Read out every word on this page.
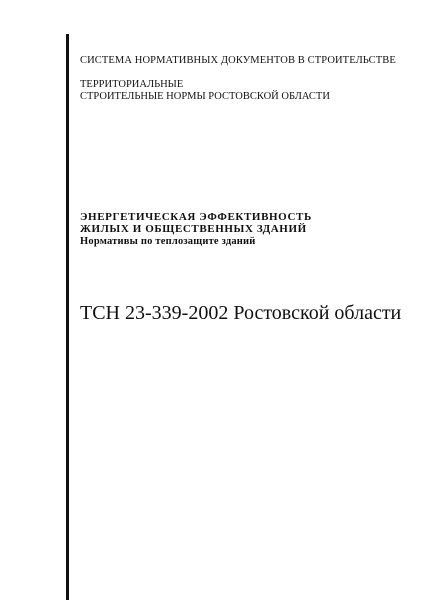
СИСТЕМА НОРМАТИВНЫХ ДОКУМЕНТОВ В СТРОИТЕЛЬСТВЕ
ТЕРРИТОРИАЛЬНЫЕ
СТРОИТЕЛЬНЫЕ НОРМЫ РОСТОВСКОЙ ОБЛАСТИ
ЭНЕРГЕТИЧЕСКАЯ ЭФФЕКТИВНОСТЬ
ЖИЛЫХ И ОБЩЕСТВЕННЫХ ЗДАНИЙ
Нормативы по теплозащите зданий
ТСН 23-339-2002 Ростовской области
